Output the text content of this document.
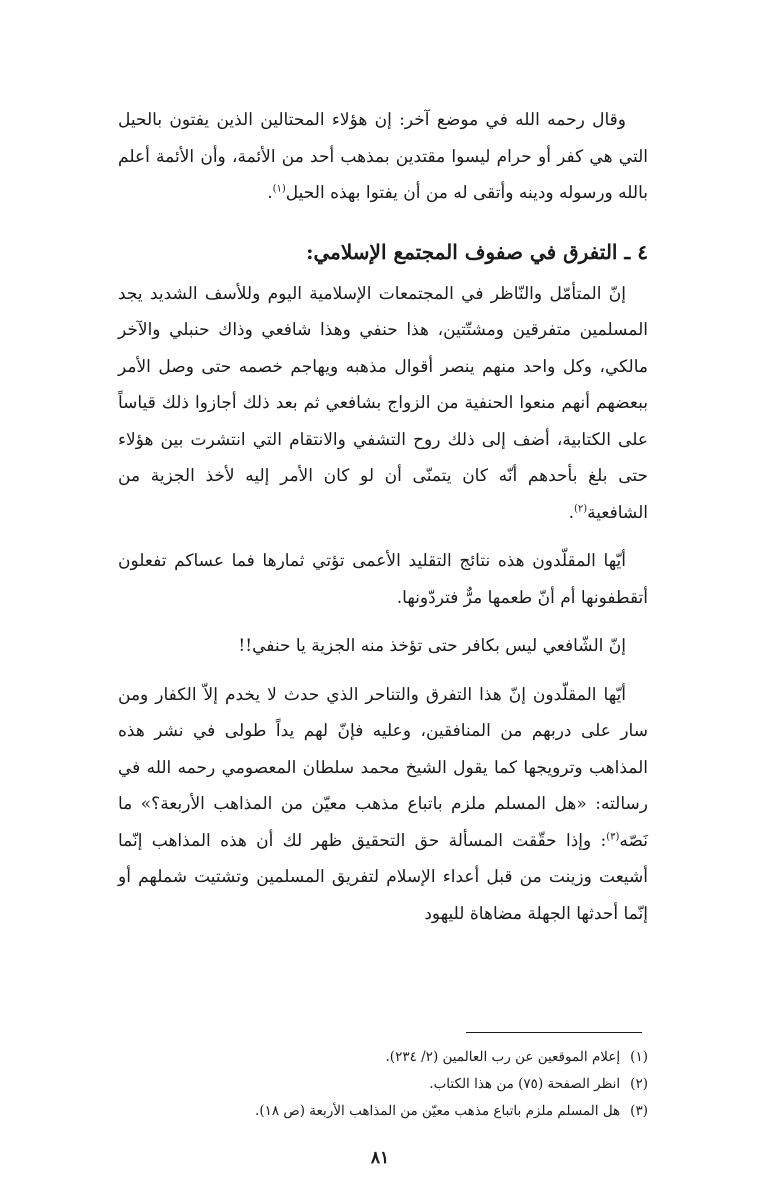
وقال رحمه الله في موضع آخر: إن هؤلاء المحتالين الذين يفتون بالحيل التي هي كفر أو حرام ليسوا مقتدين بمذهب أحد من الأئمة، وأن الأئمة أعلم بالله ورسوله ودينه وأتقى له من أن يفتوا بهذه الحيل$^{(١)}$.

٤ ـ التفرق في صفوف المجتمع الإسلامي:

إنّ المتأمّل والنّاظر في المجتمعات الإسلامية اليوم وللأسف الشديد يجد المسلمين متفرقين ومشتّتين، هذا حنفي وهذا شافعي وذاك حنبلي والآخر مالكي، وكل واحد منهم ينصر أقوال مذهبه ويهاجم خصمه حتى وصل الأمر ببعضهم أنهم منعوا الحنفية من الزواج بشافعي ثم بعد ذلك أجازوا ذلك قياساً على الكتابية، أضف إلى ذلك روح التشفي والانتقام التي انتشرت بين هؤلاء حتى بلغ بأحدهم أنّه كان يتمنّى أن لو كان الأمر إليه لأخذ الجزية من الشافعية$^{(٢)}$.

أيّها المقلّدون هذه نتائج التقليد الأعمى تؤتي ثمارها فما عساكم تفعلون أتقطفونها أم أنّ طعمها مرٌّ فتردّونها.

إنّ الشّافعي ليس بكافر حتى تؤخذ منه الجزية يا حنفي!!

أيّها المقلّدون إنّ هذا التفرق والتناحر الذي حدث لا يخدم إلاّ الكفار ومن سار على دربهم من المنافقين، وعليه فإنّ لهم يداً طولى في نشر هذه المذاهب وترويجها كما يقول الشيخ محمد سلطان المعصومي رحمه الله في رسالته: «هل المسلم ملزم باتباع مذهب معيّن من المذاهب الأربعة؟» ما نَصّه$^{(٣)}$: وإذا حقّقت المسألة حق التحقيق ظهر لك أن هذه المذاهب إنّما أشيعت وزينت من قبل أعداء الإسلام لتفريق المسلمين وتشتيت شملهم أو إنّما أحدثها الجهلة مضاهاة لليهود

(١)إعلام الموقعين عن رب العالمين (٢/ ٢٣٤).

(٢)انظر الصفحة (٧٥) من هذا الكتاب.

(٣)هل المسلم ملزم باتباع مذهب معيّن من المذاهب الأربعة (ص ١٨).

٨١
